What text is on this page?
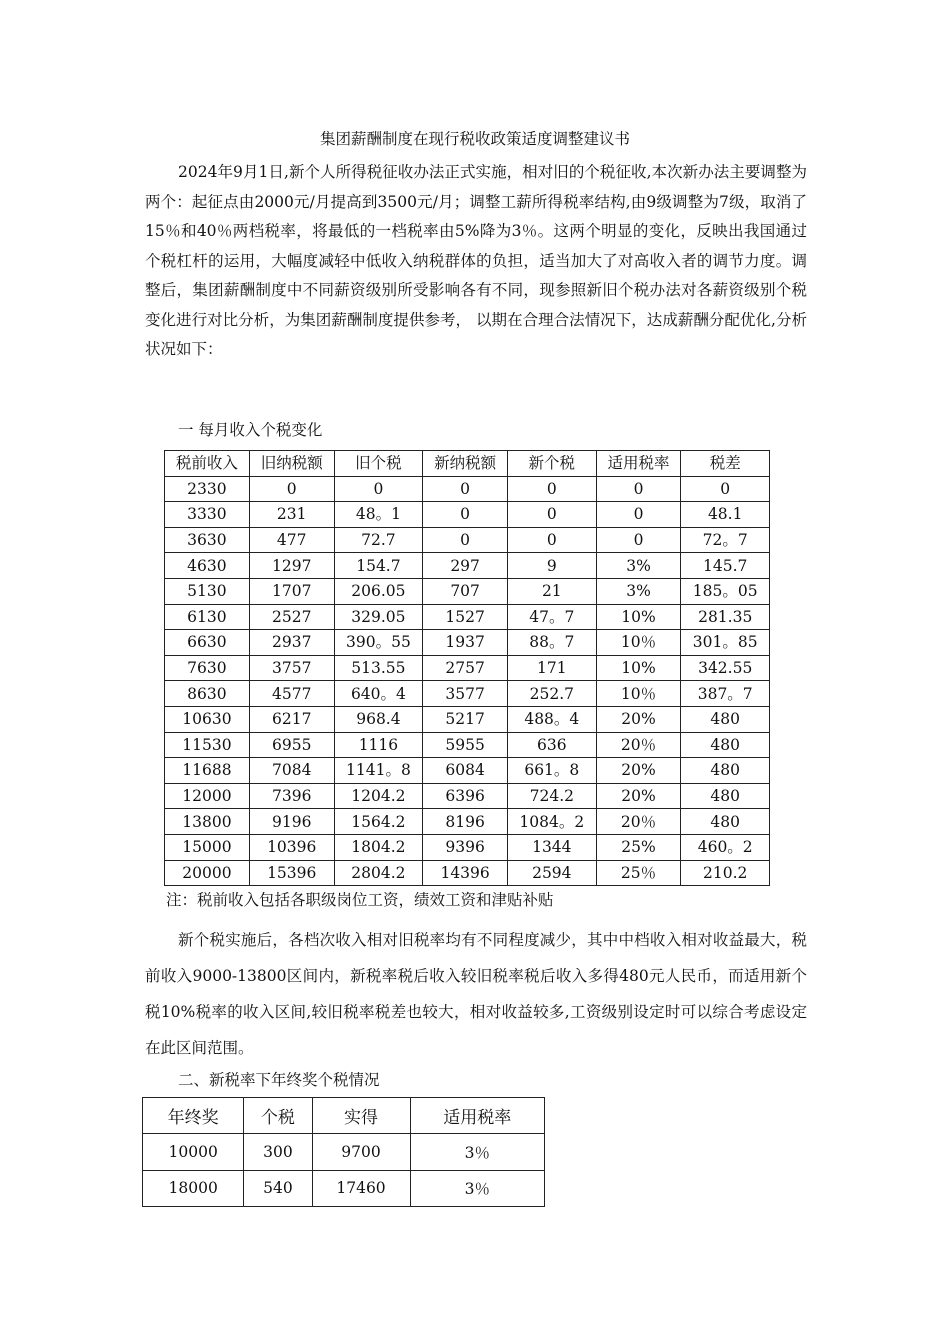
集团薪酬制度在现行税收政策适度调整建议书

2024年9月1日,新个人所得税征收办法正式实施，相对旧的个税征收,本次新办法主要调整为两个：起征点由2000元/月提高到3500元/月；调整工薪所得税率结构,由9级调整为7级，取消了15％和40％两档税率，将最低的一档税率由5%降为3％。这两个明显的变化，反映出我国通过个税杠杆的运用，大幅度减轻中低收入纳税群体的负担，适当加大了对高收入者的调节力度。调整后，集团薪酬制度中不同薪资级别所受影响各有不同，现参照新旧个税办法对各薪资级别个税变化进行对比分析，为集团薪酬制度提供参考， 以期在合理合法情况下，达成薪酬分配优化,分析状况如下：

一 每月收入个税变化
税前收入	旧纳税额	旧个税	新纳税额	新个税	适用税率	税差
2330	0	0	0	0	0	0
3330	231	48。1	0	0	0	48.1
3630	477	72.7	0	0	0	72。7
4630	1297	154.7	297	9	3%	145.7
5130	1707	206.05	707	21	3%	185。05
6130	2527	329.05	1527	47。7	10%	281.35
6630	2937	390。55	1937	88。7	10％	301。85
7630	3757	513.55	2757	171	10%	342.55
8630	4577	640。4	3577	252.7	10％	387。7
10630	6217	968.4	5217	488。4	20%	480
11530	6955	1116	5955	636	20％	480
11688	7084	1141。8	6084	661。8	20%	480
12000	7396	1204.2	6396	724.2	20%	480
13800	9196	1564.2	8196	1084。2	20％	480
15000	10396	1804.2	9396	1344	25%	460。2
20000	15396	2804.2	14396	2594	25％	210.2
注：税前收入包括各职级岗位工资，绩效工资和津贴补贴

新个税实施后，各档次收入相对旧税率均有不同程度减少，其中中档收入相对收益最大，税前收入9000-13800区间内，新税率税后收入较旧税率税后收入多得480元人民币，而适用新个税10%税率的收入区间,较旧税率税差也较大，相对收益较多,工资级别设定时可以综合考虑设定在此区间范围。

二、新税率下年终奖个税情况
年终奖	个税	实得	适用税率
10000	300	9700	3％
18000	540	17460	3％
